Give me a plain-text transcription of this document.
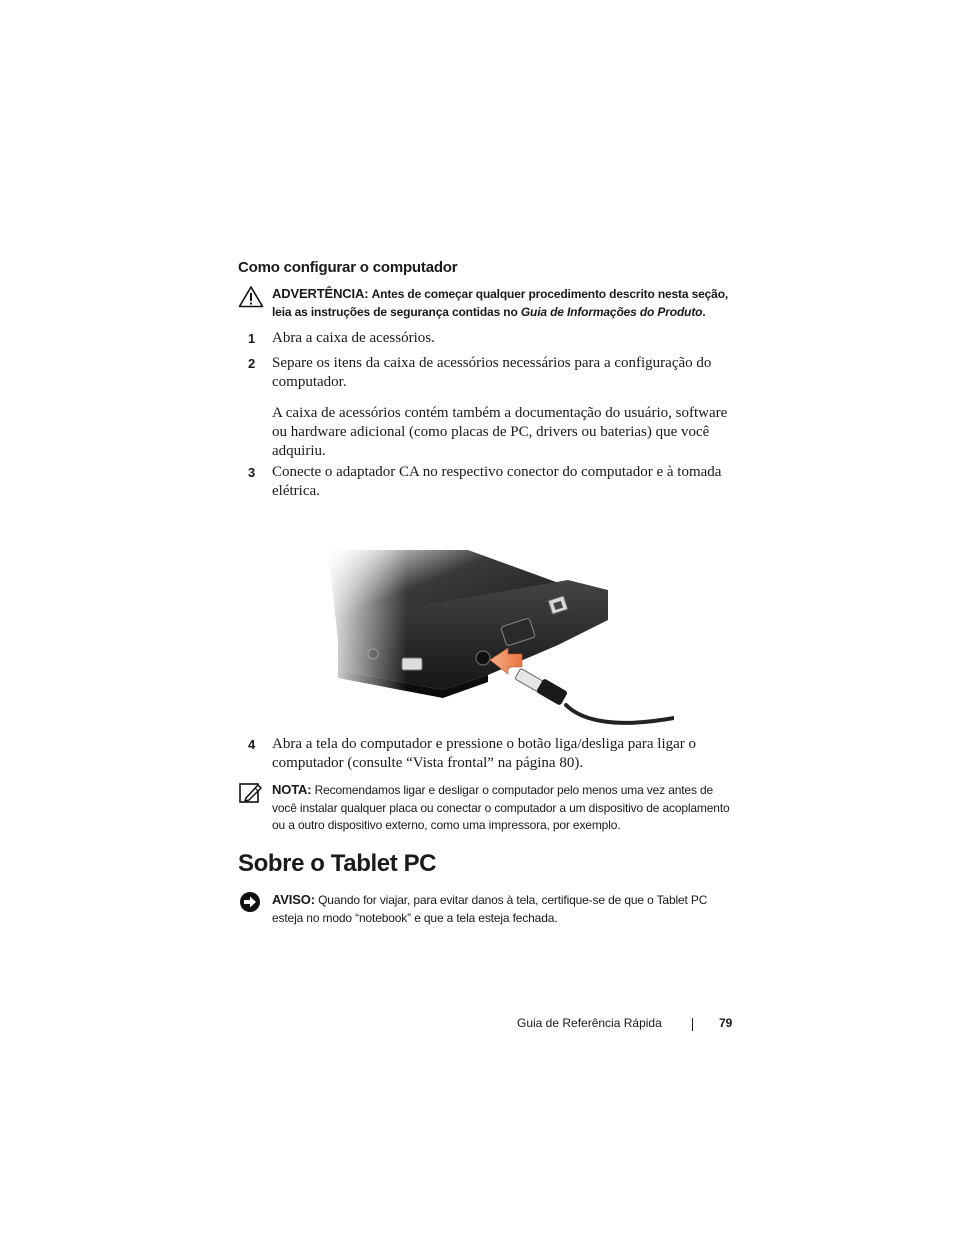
Como configurar o computador
ADVERTÊNCIA: Antes de começar qualquer procedimento descrito nesta seção, leia as instruções de segurança contidas no Guia de Informações do Produto.
1 Abra a caixa de acessórios.
2 Separe os itens da caixa de acessórios necessários para a configuração do computador.
A caixa de acessórios contém também a documentação do usuário, software ou hardware adicional (como placas de PC, drivers ou baterias) que você adquiriu.
3 Conecte o adaptador CA no respectivo conector do computador e à tomada elétrica.
4 Abra a tela do computador e pressione o botão liga/desliga para ligar o computador (consulte “Vista frontal” na página 80).
NOTA: Recomendamos ligar e desligar o computador pelo menos uma vez antes de você instalar qualquer placa ou conectar o computador a um dispositivo de acoplamento ou a outro dispositivo externo, como uma impressora, por exemplo.
Sobre o Tablet PC
AVISO: Quando for viajar, para evitar danos à tela, certifique-se de que o Tablet PC esteja no modo “notebook” e que a tela esteja fechada.
Guia de Referência Rápida	79
